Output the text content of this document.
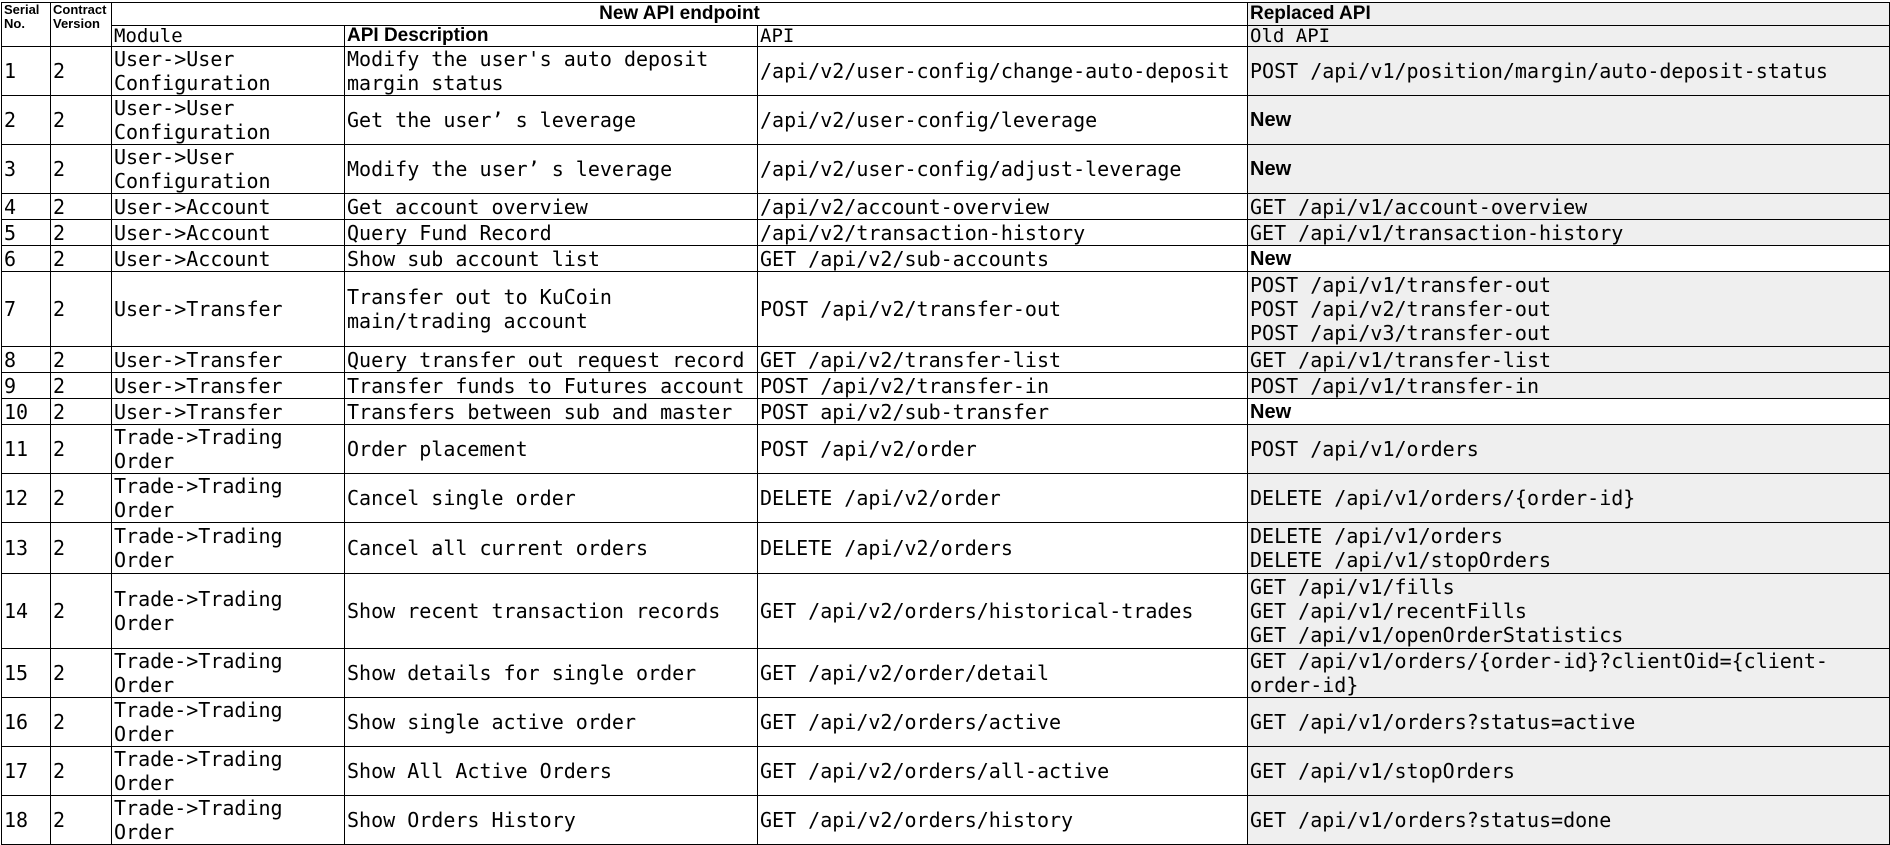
Serial No.	Contract Version	New API endpoint			Replaced API
		Module	API Description	API	Old API
1	2	User->User Configuration	Modify the user's auto deposit margin status	/api/v2/user-config/change-auto-deposit	POST /api/v1/position/margin/auto-deposit-status

2	2	User->User Configuration	Get the user’ s leverage	/api/v2/user-config/leverage	New

3	2	User->User Configuration	Modify the user’ s leverage	/api/v2/user-config/adjust-leverage	New

4	2	User->Account	Get account overview	/api/v2/account-overview	GET /api/v1/account-overview

5	2	User->Account	Query Fund Record	/api/v2/transaction-history	GET /api/v1/transaction-history

6	2	User->Account	Show sub account list	GET /api/v2/sub-accounts	New

7	2	User->Transfer	Transfer out to KuCoin main/trading account	POST /api/v2/transfer-out	POST /api/v1/transfer-out
POST /api/v2/transfer-out
POST /api/v3/transfer-out

8	2	User->Transfer	Query transfer out request record	GET /api/v2/transfer-list	GET /api/v1/transfer-list

9	2	User->Transfer	Transfer funds to Futures account	POST /api/v2/transfer-in	POST /api/v1/transfer-in

10	2	User->Transfer	Transfers between sub and master	POST api/v2/sub-transfer	New

11	2	Trade->Trading Order	Order placement	POST /api/v2/order	POST /api/v1/orders

12	2	Trade->Trading Order	Cancel single order	DELETE /api/v2/order	DELETE /api/v1/orders/{order-id}

13	2	Trade->Trading Order	Cancel all current orders	DELETE /api/v2/orders	DELETE /api/v1/orders
DELETE /api/v1/stopOrders

14	2	Trade->Trading Order	Show recent transaction records	GET /api/v2/orders/historical-trades	GET /api/v1/fills
GET /api/v1/recentFills
GET /api/v1/openOrderStatistics

15	2	Trade->Trading Order	Show details for single order	GET /api/v2/order/detail	GET /api/v1/orders/{order-id}?clientOid={client-order-id}

16	2	Trade->Trading Order	Show single active order	GET /api/v2/orders/active	GET /api/v1/orders?status=active

17	2	Trade->Trading Order	Show All Active Orders	GET /api/v2/orders/all-active	GET /api/v1/stopOrders

18	2	Trade->Trading Order	Show Orders History	GET /api/v2/orders/history	GET /api/v1/orders?status=done
